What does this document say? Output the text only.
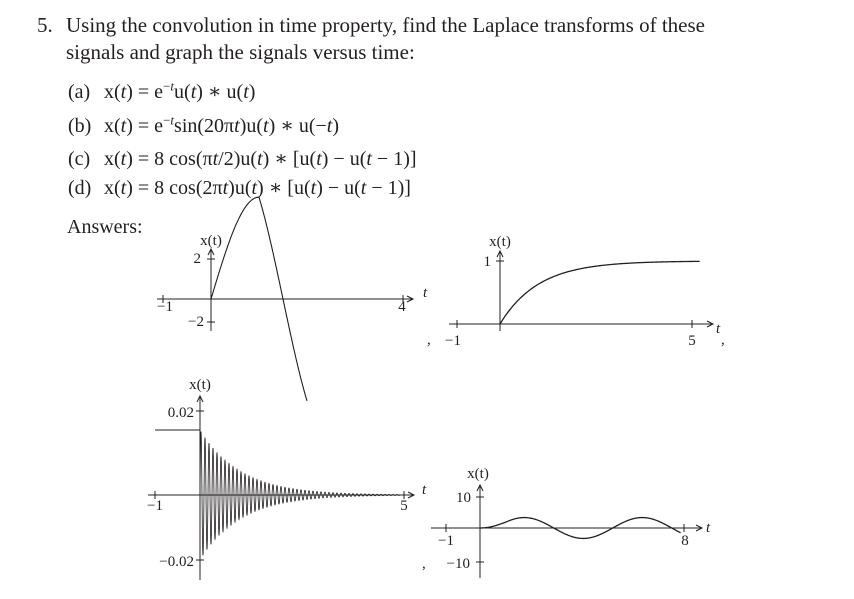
5. Using the convolution in time property, find the Laplace transforms of these
signals and graph the signals versus time:
(a) $x(t) = e^{-t}u(t)$ ∗ u(t)
(b) $x(t) = e^{-t}\sin(20\pi t)u(t)$ ∗ u(−t)
(c) x(t) = 8 cos(πt/2)u(t) ∗ [u(t) − u(t − 1)]
(d) x(t) = 8 cos(2πt)u(t) ∗ [u(t) − u(t − 1)]
Answers:
x(t)
2
−2
−1	4
t
,
x(t)
1
−1	5
t
,
x(t)
0.02
−0.02
−1	5
t
x(t)
10
−10
−1	8
t
,
